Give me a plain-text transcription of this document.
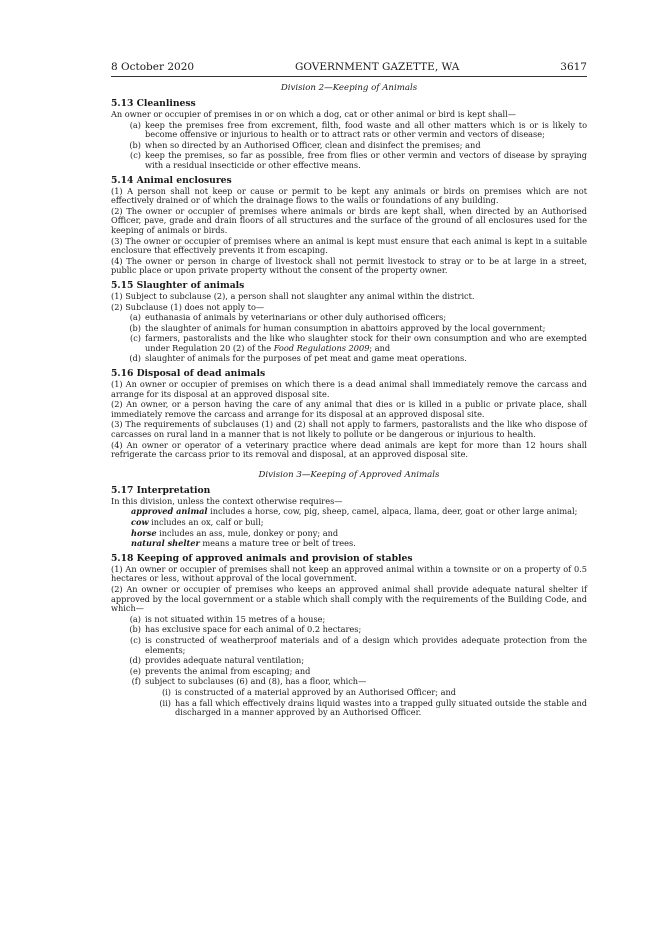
8 October 2020	GOVERNMENT GAZETTE, WA	3617
Division 2—Keeping of Animals
5.13 Cleanliness

An owner or occupier of premises in or on which a dog, cat or other animal or bird is kept shall—

(a) keep the premises free from excrement, filth, food waste and all other matters which is or is likely to become offensive or injurious to health or to attract rats or other vermin and vectors of disease;
(b) when so directed by an Authorised Officer, clean and disinfect the premises; and
(c) keep the premises, so far as possible, free from flies or other vermin and vectors of disease by spraying with a residual insecticide or other effective means.
5.14 Animal enclosures

(1) A person shall not keep or cause or permit to be kept any animals or birds on premises which are not effectively drained or of which the drainage flows to the walls or foundations of any building.

(2) The owner or occupier of premises where animals or birds are kept shall, when directed by an Authorised Officer, pave, grade and drain floors of all structures and the surface of the ground of all enclosures used for the keeping of animals or birds.

(3) The owner or occupier of premises where an animal is kept must ensure that each animal is kept in a suitable enclosure that effectively prevents it from escaping.

(4) The owner or person in charge of livestock shall not permit livestock to stray or to be at large in a street, public place or upon private property without the consent of the property owner.

5.15 Slaughter of animals

(1) Subject to subclause (2), a person shall not slaughter any animal within the district.

(2) Subclause (1) does not apply to—

(a) euthanasia of animals by veterinarians or other duly authorised officers;
(b) the slaughter of animals for human consumption in abattoirs approved by the local government;
(c) farmers, pastoralists and the like who slaughter stock for their own consumption and who are exempted under Regulation 20 (2) of the Food Regulations 2009; and
(d) slaughter of animals for the purposes of pet meat and game meat operations.
5.16 Disposal of dead animals

(1) An owner or occupier of premises on which there is a dead animal shall immediately remove the carcass and arrange for its disposal at an approved disposal site.

(2) An owner, or a person having the care of any animal that dies or is killed in a public or private place, shall immediately remove the carcass and arrange for its disposal at an approved disposal site.

(3) The requirements of subclauses (1) and (2) shall not apply to farmers, pastoralists and the like who dispose of carcasses on rural land in a manner that is not likely to pollute or be dangerous or injurious to health.

(4) An owner or operator of a veterinary practice where dead animals are kept for more than 12 hours shall refrigerate the carcass prior to its removal and disposal, at an approved disposal site.

Division 3—Keeping of Approved Animals
5.17 Interpretation

In this division, unless the context otherwise requires—

approved animal includes a horse, cow, pig, sheep, camel, alpaca, llama, deer, goat or other large animal;
cow includes an ox, calf or bull;
horse includes an ass, mule, donkey or pony; and
natural shelter means a mature tree or belt of trees.
5.18 Keeping of approved animals and provision of stables

(1) An owner or occupier of premises shall not keep an approved animal within a townsite or on a property of 0.5 hectares or less, without approval of the local government.

(2) An owner or occupier of premises who keeps an approved animal shall provide adequate natural shelter if approved by the local government or a stable which shall comply with the requirements of the Building Code, and which—

(a) is not situated within 15 metres of a house;
(b) has exclusive space for each animal of 0.2 hectares;
(c) is constructed of weatherproof materials and of a design which provides adequate protection from the elements;
(d) provides adequate natural ventilation;
(e) prevents the animal from escaping; and
(f) subject to subclauses (6) and (8), has a floor, which—
(i) is constructed of a material approved by an Authorised Officer; and
(ii) has a fall which effectively drains liquid wastes into a trapped gully situated outside the stable and discharged in a manner approved by an Authorised Officer.
